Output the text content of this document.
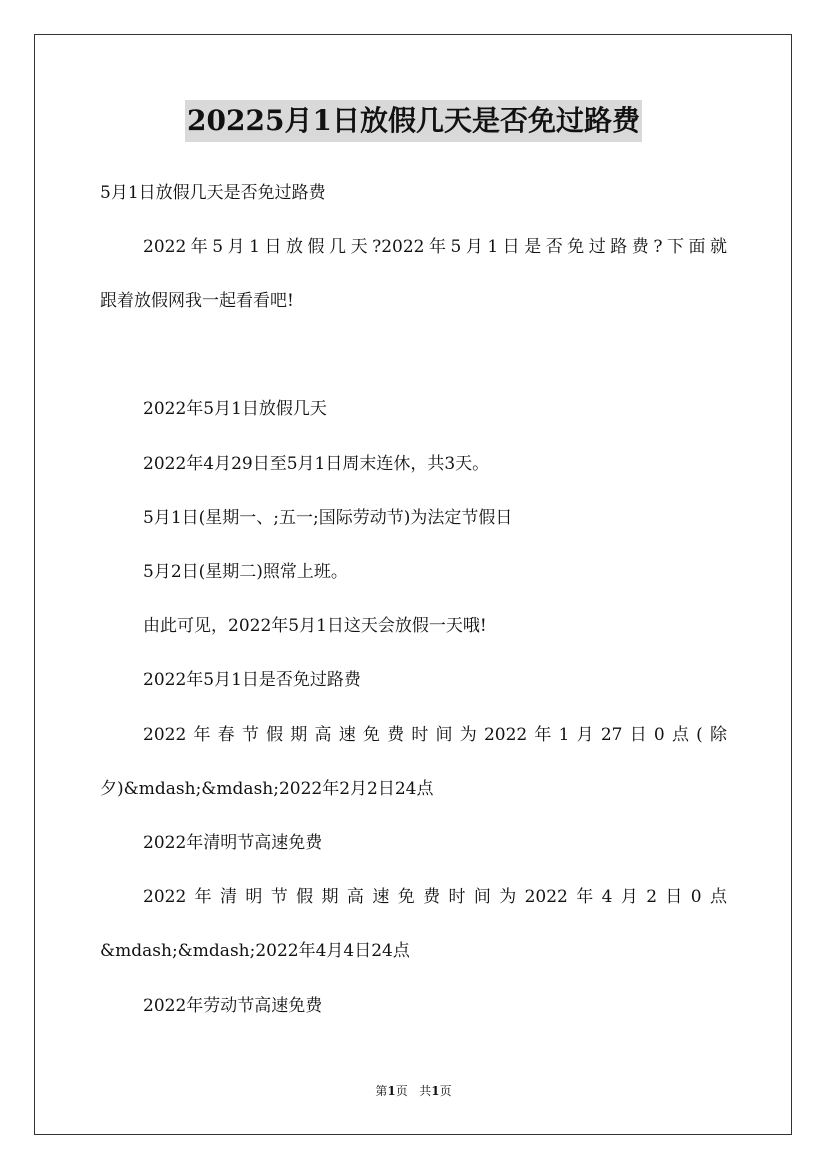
20225月1日放假几天是否免过路费
5月1日放假几天是否免过路费
2022年5月1日放假几天?2022年5月1日是否免过路费?下面就
跟着放假网我一起看看吧!
2022年5月1日放假几天
2022年4月29日至5月1日周末连休，共3天。
5月1日(星期一、;五一;国际劳动节)为法定节假日
5月2日(星期二)照常上班。
由此可见，2022年5月1日这天会放假一天哦!
2022年5月1日是否免过路费
2022年春节假期高速免费时间为2022年1月27日0点(除
夕)&mdash;&mdash;2022年2月2日24点
2022年清明节高速免费
2022年清明节假期高速免费时间为2022年4月2日0点
&mdash;&mdash;2022年4月4日24点
2022年劳动节高速免费
第1页 共1页
